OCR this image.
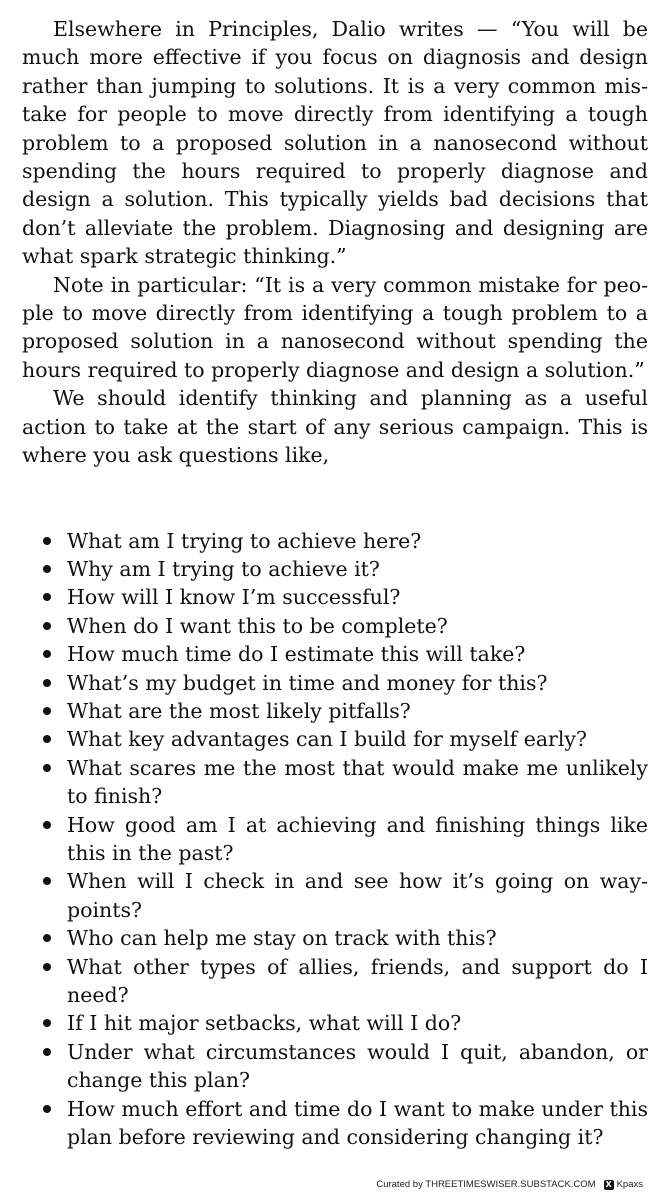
Elsewhere in Principles, Dalio writes — “You will be much more effective if you focus on diagnosis and design rather than jumping to solutions. It is a very common mistake for people to move directly from identifying a tough problem to a proposed solution in a nanosecond without spending the hours required to properly diagnose and design a solution. This typically yields bad decisions that don’t alleviate the problem. Diagnosing and designing are what spark strategic thinking.”

Note in particular: “It is a very common mistake for people to move directly from identifying a tough problem to a proposed solution in a nanosecond without spending the hours required to properly diagnose and design a solution.”

We should identify thinking and planning as a useful action to take at the start of any serious campaign. This is where you ask questions like,

What am I trying to achieve here?
Why am I trying to achieve it?
How will I know I’m successful?
When do I want this to be complete?
How much time do I estimate this will take?
What’s my budget in time and money for this?
What are the most likely pitfalls?
What key advantages can I build for myself early?
What scares me the most that would make me unlikely to finish?
How good am I at achieving and finishing things like this in the past?
When will I check in and see how it’s going on waypoints?
Who can help me stay on track with this?
What other types of allies, friends, and support do I need?
If I hit major setbacks, what will I do?
Under what circumstances would I quit, abandon, or change this plan?
How much effort and time do I want to make under this plan before reviewing and considering changing it?
Curated by THREETIMESWISER.SUBSTACK.COM X Kpaxs
